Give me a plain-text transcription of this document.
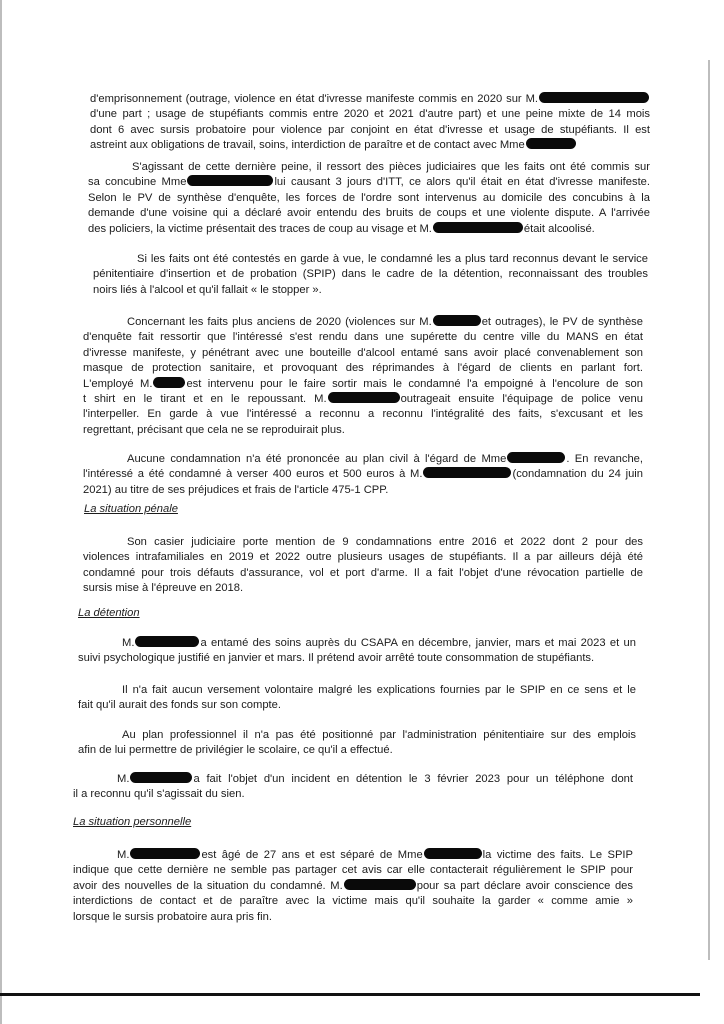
d'emprisonnement (outrage, violence en état d'ivresse manifeste commis en 2020 sur M.
d'une part ; usage de stupéfiants commis entre 2020 et 2021 d'autre part) et une peine mixte de 14 mois
dont 6 avec sursis probatoire pour violence par conjoint en état d'ivresse et usage de stupéfiants. Il est
astreint aux obligations de travail, soins, interdiction de paraître et de contact avec Mme
S'agissant de cette dernière peine, il ressort des pièces judiciaires que les faits ont été commis sur
sa concubine Mme	lui causant 3 jours d'ITT, ce alors qu'il était en état d'ivresse manifeste.
Selon le PV de synthèse d'enquête, les forces de l'ordre sont intervenus au domicile des concubins à la
demande d'une voisine qui a déclaré avoir entendu des bruits de coups et une violente dispute. A l'arrivée
des policiers, la victime présentait des traces de coup au visage et M.	était alcoolisé.
Si les faits ont été contestés en garde à vue, le condamné les a plus tard reconnus devant le service
pénitentiaire d'insertion et de probation (SPIP) dans le cadre de la détention, reconnaissant des troubles
noirs liés à l'alcool et qu'il fallait « le stopper ».
Concernant les faits plus anciens de 2020 (violences sur M.	et outrages), le PV de synthèse
d'enquête fait ressortir que l'intéressé s'est rendu dans une supérette du centre ville du MANS en état
d'ivresse manifeste, y pénétrant avec une bouteille d'alcool entamé sans avoir placé convenablement son
masque de protection sanitaire, et provoquant des réprimandes à l'égard de clients en parlant fort.
L'employé M.	est intervenu pour le faire sortir mais le condamné l'a empoigné à l'encolure de son
t shirt en le tirant et en le repoussant. M.	outrageait ensuite l'équipage de police venu
l'interpeller. En garde à vue l'intéressé a reconnu a reconnu l'intégralité des faits, s'excusant et les
regrettant, précisant que cela ne se reproduirait plus.
Aucune condamnation n'a été prononcée au plan civil à l'égard de Mme	. En revanche,
l'intéressé a été condamné à verser 400 euros et 500 euros à M.	(condamnation du 24 juin
2021) au titre de ses préjudices et frais de l'article 475-1 CPP.
La situation pénale
Son casier judiciaire porte mention de 9 condamnations entre 2016 et 2022 dont 2 pour des
violences intrafamiliales en 2019 et 2022 outre plusieurs usages de stupéfiants. Il a par ailleurs déjà été
condamné pour trois défauts d'assurance, vol et port d'arme. Il a fait l'objet d'une révocation partielle de
sursis mise à l'épreuve en 2018.
La détention
M.	a entamé des soins auprès du CSAPA en décembre, janvier, mars et mai 2023 et un
suivi psychologique justifié en janvier et mars. Il prétend avoir arrêté toute consommation de stupéfiants.
Il n'a fait aucun versement volontaire malgré les explications fournies par le SPIP en ce sens et le
fait qu'il aurait des fonds sur son compte.
Au plan professionnel il n'a pas été positionné par l'administration pénitentiaire sur des emplois
afin de lui permettre de privilégier le scolaire, ce qu'il a effectué.
M.	a fait l'objet d'un incident en détention le 3 février 2023 pour un téléphone dont
il a reconnu qu'il s'agissait du sien.
La situation personnelle
M.	est âgé de 27 ans et est séparé de Mme	la victime des faits. Le SPIP
indique que cette dernière ne semble pas partager cet avis car elle contacterait régulièrement le SPIP pour
avoir des nouvelles de la situation du condamné. M.	pour sa part déclare avoir conscience des
interdictions de contact et de paraître avec la victime mais qu'il souhaite la garder « comme amie »
lorsque le sursis probatoire aura pris fin.
